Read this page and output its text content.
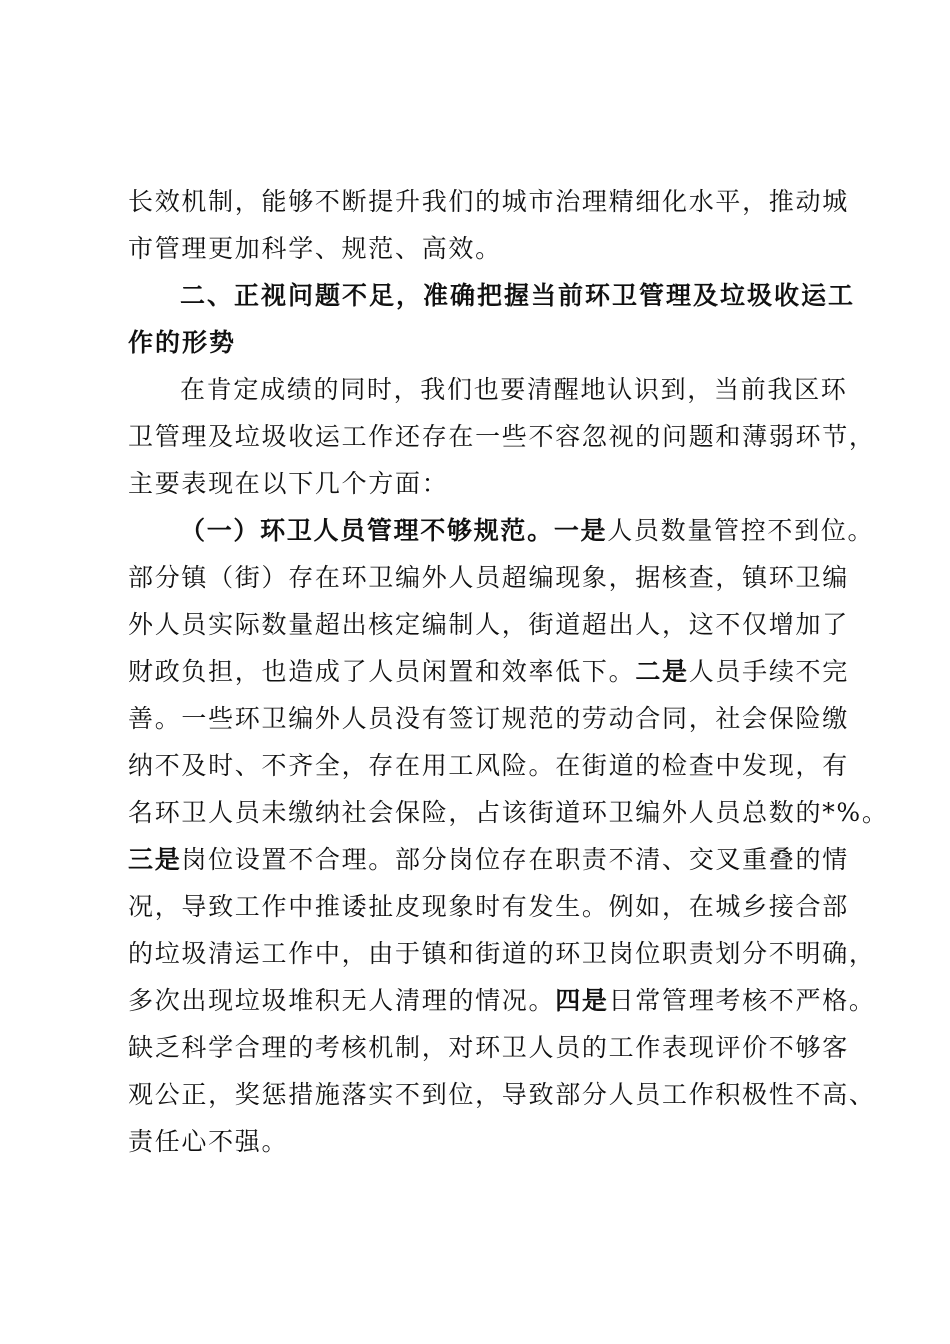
长效机制，能够不断提升我们的城市治理精细化水平，推动城
市管理更加科学、规范、高效。
二、正视问题不足，准确把握当前环卫管理及垃圾收运工
作的形势
在肯定成绩的同时，我们也要清醒地认识到，当前我区环
卫管理及垃圾收运工作还存在一些不容忽视的问题和薄弱环节，
主要表现在以下几个方面：
（一）环卫人员管理不够规范。一是人员数量管控不到位。
部分镇（街）存在环卫编外人员超编现象，据核查，镇环卫编
外人员实际数量超出核定编制人，街道超出人，这不仅增加了
财政负担，也造成了人员闲置和效率低下。二是人员手续不完
善。一些环卫编外人员没有签订规范的劳动合同，社会保险缴
纳不及时、不齐全，存在用工风险。在街道的检查中发现，有
名环卫人员未缴纳社会保险，占该街道环卫编外人员总数的*%。
三是岗位设置不合理。部分岗位存在职责不清、交叉重叠的情
况，导致工作中推诿扯皮现象时有发生。例如，在城乡接合部
的垃圾清运工作中，由于镇和街道的环卫岗位职责划分不明确，
多次出现垃圾堆积无人清理的情况。四是日常管理考核不严格。
缺乏科学合理的考核机制，对环卫人员的工作表现评价不够客
观公正，奖惩措施落实不到位，导致部分人员工作积极性不高、
责任心不强。
